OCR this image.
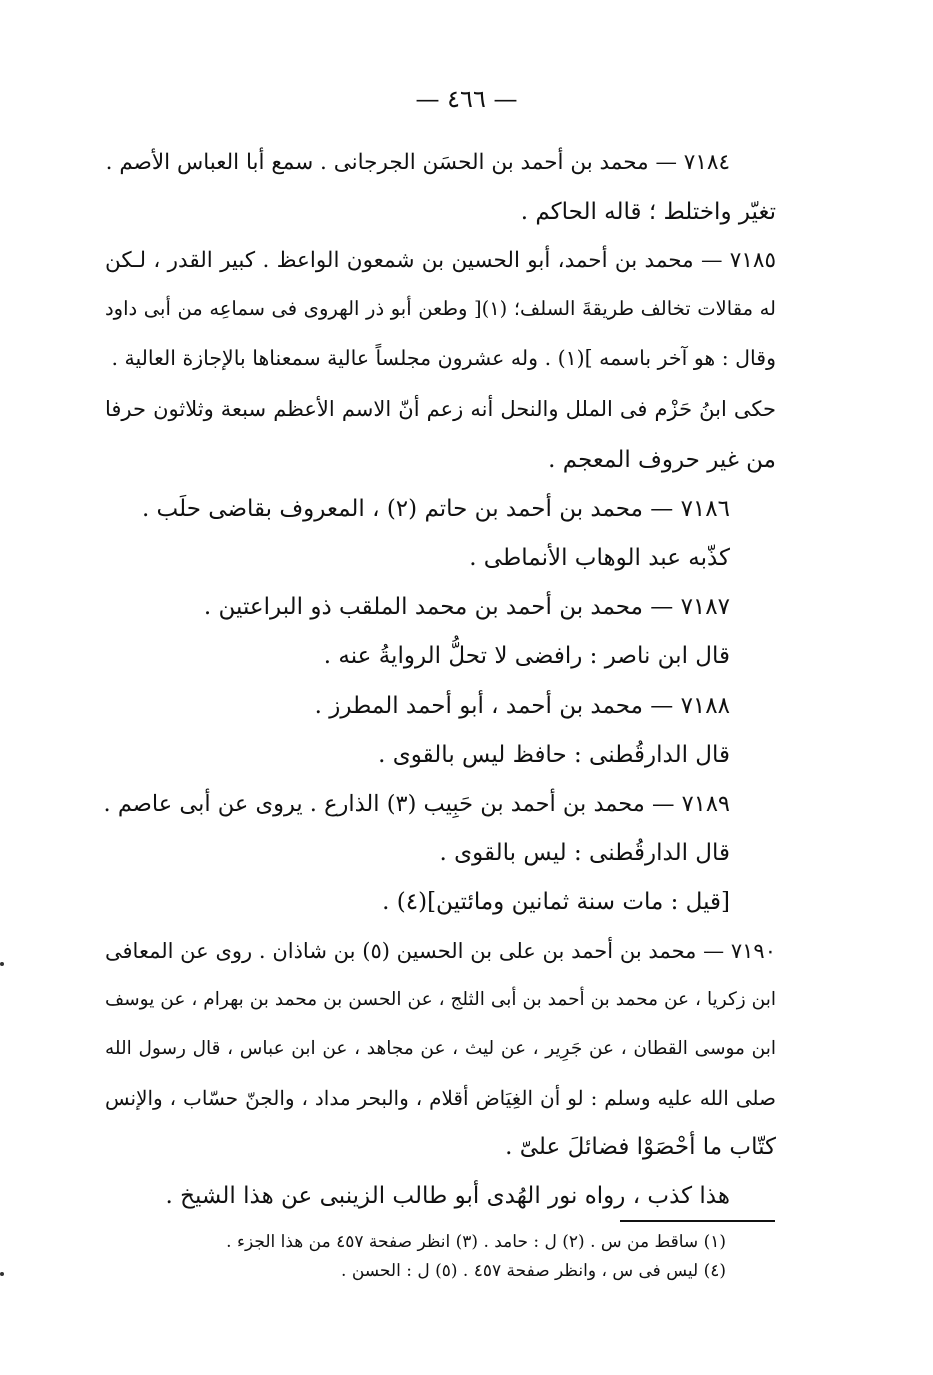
— ٤٦٦ —
٧١٨٤ — محمد بن أحمد بن الحسَن الجرجانى . سمع أبا العباس الأصم .
تغيّر واختلط ؛ قاله الحاكم .
٧١٨٥ — محمد بن أحمد، أبو الحسين بن شمعون الواعظ . كبير القدر ، لـكن
له مقالات تخالف طريقةَ السلف؛ (١)[ وطعن أبو ذر الهروى فى سماعِه من أبى داود
وقال : هو آخر باسمه ](١) . وله عشرون مجلساً عالية سمعناها بالإجازة العالية .
حكى ابنُ حَزْم فى الملل والنحل أنه زعم أنّ الاسم الأعظم سبعة وثلاثون حرفا
من غير حروف المعجم .
٧١٨٦ — محمد بن أحمد بن حاتم (٢) ، المعروف بقاضى حلَب .
كذّبه عبد الوهاب الأنماطى .
٧١٨٧ — محمد بن أحمد بن محمد الملقب ذو البراعتين .
قال ابن ناصر : رافضى لا تحلُّ الروايةُ عنه .
٧١٨٨ — محمد بن أحمد ، أبو أحمد المطرز .
قال الدارقُطنى : حافظ ليس بالقوى .
٧١٨٩ — محمد بن أحمد بن حَبِيب (٣) الذارع . يروى عن أبى عاصم .
قال الدارقُطنى : ليس بالقوى .
[قيل : مات سنة ثمانين ومائتين](٤) .
٧١٩٠ — محمد بن أحمد بن على بن الحسين (٥) بن شاذان . روى عن المعافى
ابن زكريا ، عن محمد بن أحمد بن أبى الثلج ، عن الحسن بن محمد بن بهرام ، عن يوسف
ابن موسى القطان ، عن جَرِير ، عن ليث ، عن مجاهد ، عن ابن عباس ، قال رسول الله
صلى الله عليه وسلم : لو أن الغِيَاض أقلام ، والبحر مداد ، والجنّ حسّاب ، والإنس
كتّاب ما أحْصَوْا فضائلَ علىّ .
هذا كذب ، رواه نور الهُدى أبو طالب الزينبى عن هذا الشيخ .
(١) ساقط من س . (٢) ل : حامد . (٣) انظر صفحة ٤٥٧ من هذا الجزء .
(٤) ليس فى س ، وانظر صفحة ٤٥٧ . (٥) ل : الحسن .
